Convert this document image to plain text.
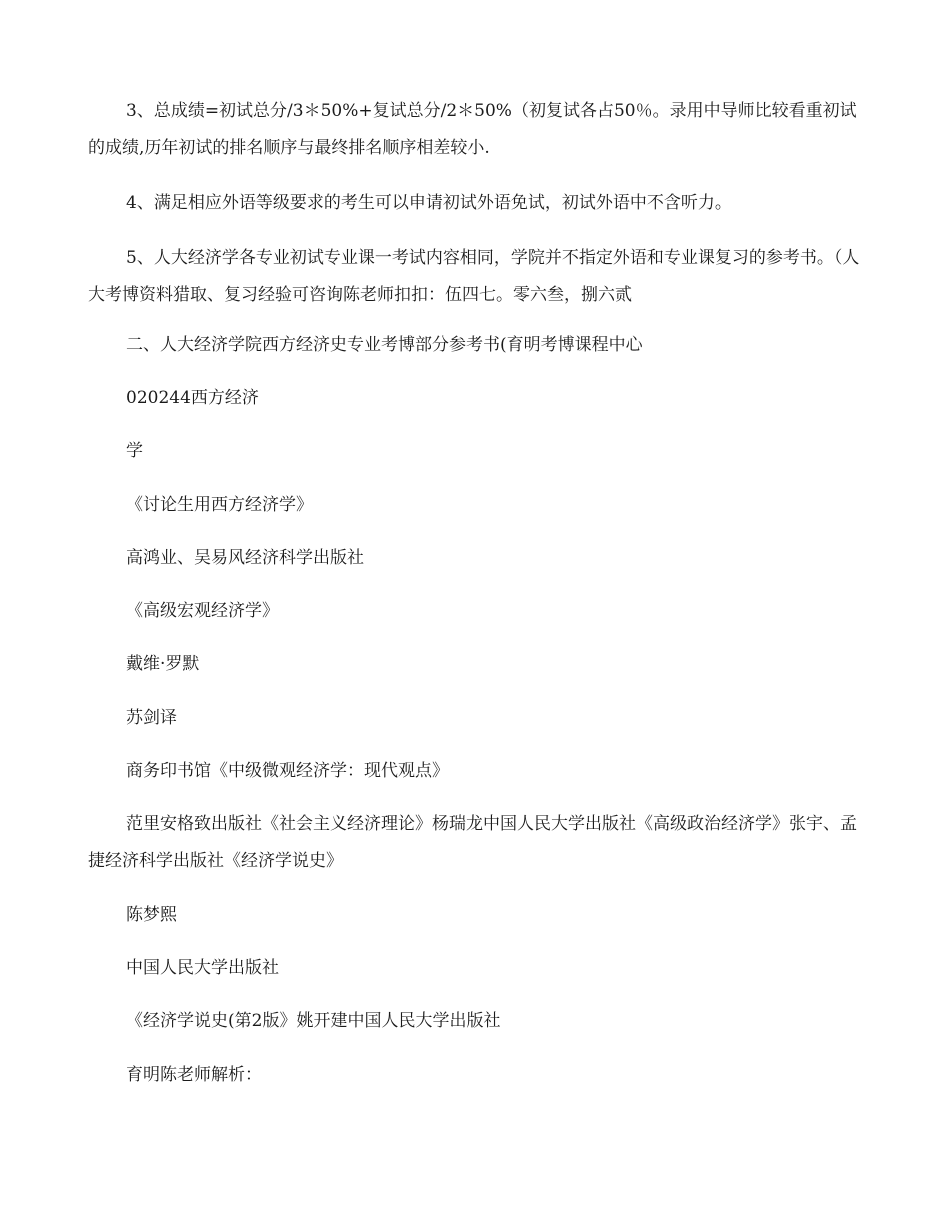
3、总成绩=初试总分/3＊50%+复试总分/2＊50%（初复试各占50％。录用中导师比较看重初试的成绩,历年初试的排名顺序与最终排名顺序相差较小.

4、满足相应外语等级要求的考生可以申请初试外语免试，初试外语中不含听力。

5、人大经济学各专业初试专业课一考试内容相同，学院并不指定外语和专业课复习的参考书。（人大考博资料猎取、复习经验可咨询陈老师扣扣：伍四七。零六叁，捌六贰

二、人大经济学院西方经济史专业考博部分参考书(育明考博课程中心

020244西方经济

学

《讨论生用西方经济学》

高鸿业、吴易风经济科学出版社

《高级宏观经济学》

戴维·罗默

苏剑译

商务印书馆《中级微观经济学：现代观点》

范里安格致出版社《社会主义经济理论》杨瑞龙中国人民大学出版社《高级政治经济学》张宇、孟捷经济科学出版社《经济学说史》

陈梦熙

中国人民大学出版社

《经济学说史(第2版》姚开建中国人民大学出版社

育明陈老师解析：
